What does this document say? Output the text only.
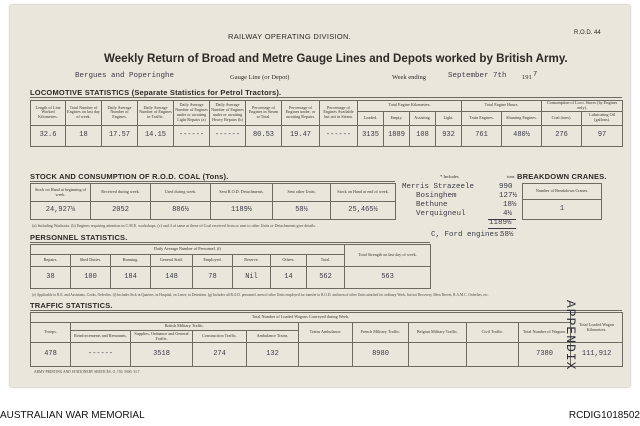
RAILWAY OPERATING DIVISION.	R.O.D. 44
Weekly Return of Broad and Metre Gauge Lines and Depots worked by British Army.
Bergues and Poperinghe	Gauge Line (or Depot)	Week ending	September 7th 191 7
LOCOMOTIVE STATISTICS (Separate Statistics for Petrol Tractors).
Length of Line Worked Kilometres.	Total Number of Engines on last day of week.	Daily Average Number of Engines.	Daily Average Number of Engines in Traffic.	Daily Average Number of Engines under or awaiting Light Repairs (a)	Daily Average Number of Engines under or awaiting Heavy Repairs (b)	Percentage of Engines in Steam to Total.	Percentage of Engines under, or awaiting Repairs.	Percentage of Engines Available but not in Steam.	Total Engine Kilometres.				Total Engine Hours.		Consumption of Loco. Stores (by Engines only).	
									Loaded.	Empty.	Assisting.	Light.	Train Engines.	Shunting Engines.	Coal (tons).	Lubricating Oil (gallons).
32.6	18	17.57	14.15	------	------	80.53	19.47	------	3135	1889	108	932	761	480½	276	97
STOCK AND CONSUMPTION OF R.O.D. COAL (Tons).
Stock on Hand at beginning of week.	Received during week.	Used during week.	Sent R.O.D. Detachments.	Sent other Units.	Stock on Hand at end of week.
24,927¼	2052	886½	1189½	58½	25,465½
(a) Including Washouts. (b) Engines requiring attention in C.M.E. workshops, (c) and 4 of same at these of Coal received from or sent to other Units or Detachments give details.
* Includes	tons
Merris Strazeele	990
Bosinghem	127½
Bethune	18½
Verquigneul	4½
1189½
BREAKDOWN CRANES.
Number of Breakdown Cranes.
1
PERSONNEL STATISTICS.	C, Ford engines.
58½
Daily Average Number of Personnel. (f)								Total Strength on last day of week.
Repairs.	Shed Duties.	Running.	General Staff.	Employed.	Reserve.	Others.	Total.	
38	100	184	148	78	Nil	14	562	563
(e) Applicable to R.E. and Assistants, Cooks, Orderlies. (f) Includes Sick in Quarters, in Hospital, on Leave, in Detention. (g) Includes all R.O.D. personnel, men of other Units employed for transfer to R.O.D. and men of other Units attached for ordinary Work, but not Recovery, Mess Brevet, R.A.M.C. Orderlies, etc.
TRAFFIC STATISTICS.
Total Number of Loaded Wagons Conveyed during Week.										Total Loaded Wagon Kilometres.
Troops.	British Military Traffic.				Trains Ambulance.	French Military Traffic.	Belgian Military Traffic.	Civil Traffic.	Total Number of Wagons.	
	Reinforcements and Remounts.	Supplies, Ordnance and General Traffic.	Construction Traffic.	Ambulance Trains.						
478	------	3518	274	132		8980			7380	111,912
ARMY PRINTING AND STATIONERY SERVICES. O. 150. 5000. 3/17.
APPENDIX
AUSTRALIAN WAR MEMORIAL	RCDIG1018502
